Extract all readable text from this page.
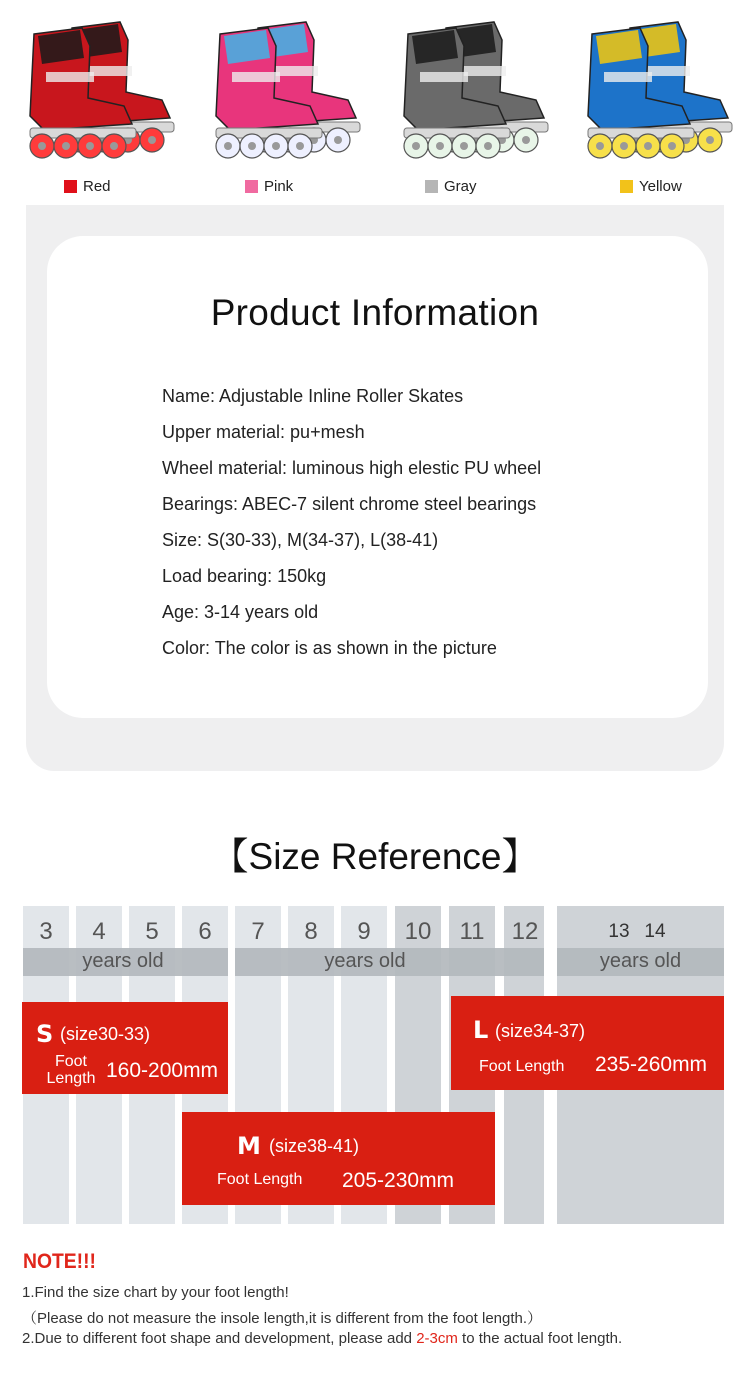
Red	Pink	Gray	Yellow
Product Information
Name: Adjustable Inline Roller Skates
Upper material: pu+mesh
Wheel material: luminous high elestic PU wheel
Bearings: ABEC-7 silent chrome steel bearings
Size: S(30-33), M(34-37), L(38-41)
Load bearing: 150kg
Age: 3-14 years old
Color: The color is as shown in the picture
【Size Reference】
3	4	5	6	7	8	9	10	11	12	13 14
years old	years old	years old
S (size30-33)
Foot Length 160-200mm
L (size34-37)
Foot Length 235-260mm
M (size38-41)
Foot Length 205-230mm
NOTE!!!
1.Find the size chart by your foot length!
（Please do not measure the insole length,it is different from the foot length.）
2.Due to different foot shape and development, please add 2-3cm to the actual foot length.
